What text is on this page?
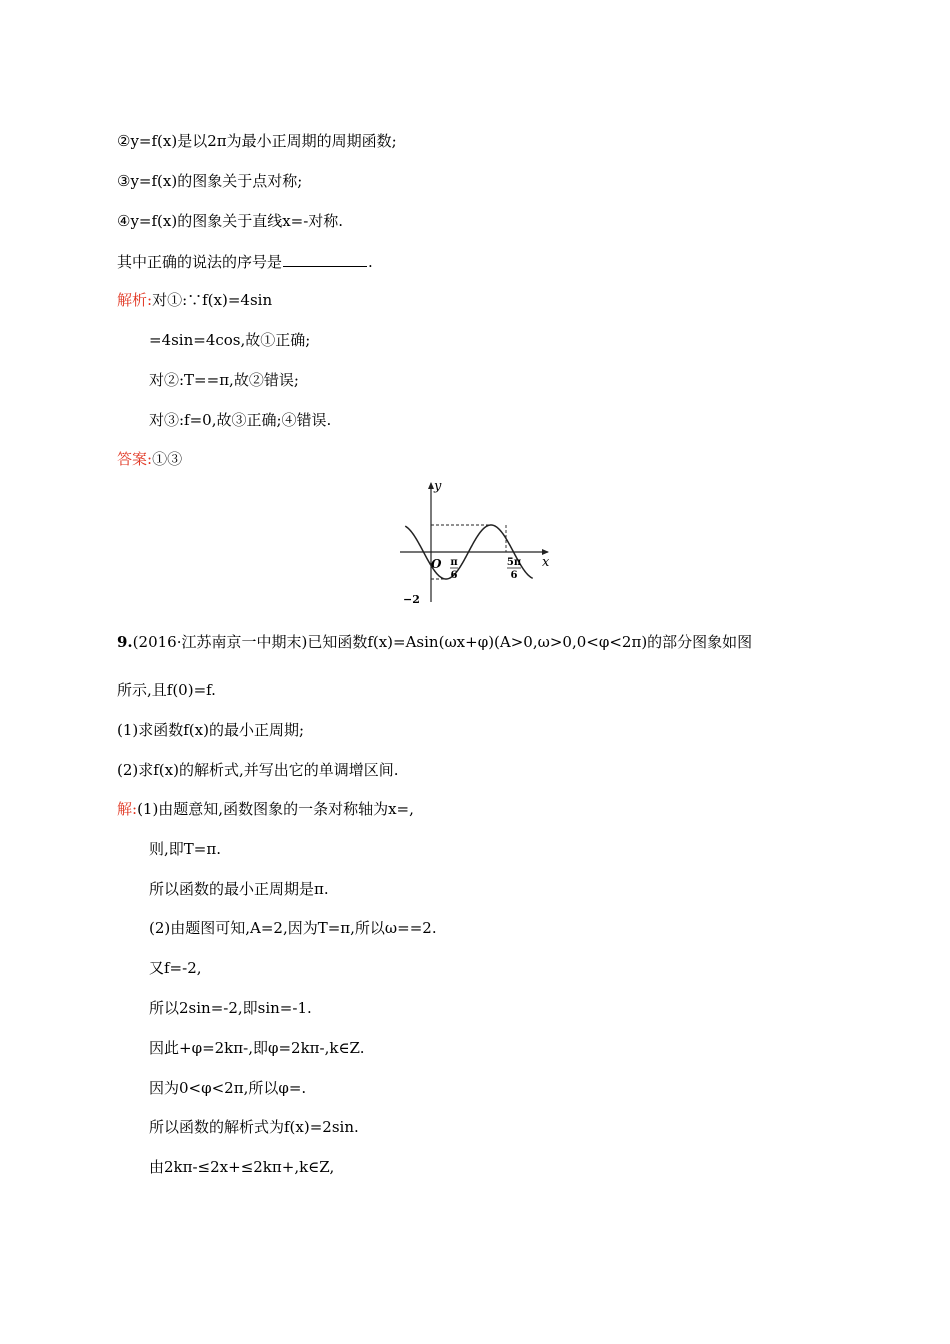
②y=f(x)是以2π为最小正周期的周期函数;
③y=f(x)的图象关于点对称;
④y=f(x)的图象关于直线x=-对称.
其中正确的说法的序号是	.
解析:对①:∵f(x)=4sin
=4sin=4cos,故①正确;
对②:T==π,故②错误;
对③:f=0,故③正确;④错误.
答案:①③
y
x
O π
6
5π
6
−2
9.(2016·江苏南京一中期末)已知函数f(x)=Asin(ωx+φ)(A>0,ω>0,0<φ<2π)的部分图象如图
所示,且f(0)=f.
(1)求函数f(x)的最小正周期;
(2)求f(x)的解析式,并写出它的单调增区间.
解:(1)由题意知,函数图象的一条对称轴为x=,
则,即T=π.
所以函数的最小正周期是π.
(2)由题图可知,A=2,因为T=π,所以ω==2.
又f=-2,
所以2sin=-2,即sin=-1.
因此+φ=2kπ-,即φ=2kπ-,k∈Z.
因为0<φ<2π,所以φ=.
所以函数的解析式为f(x)=2sin.
由2kπ-≤2x+≤2kπ+,k∈Z,
